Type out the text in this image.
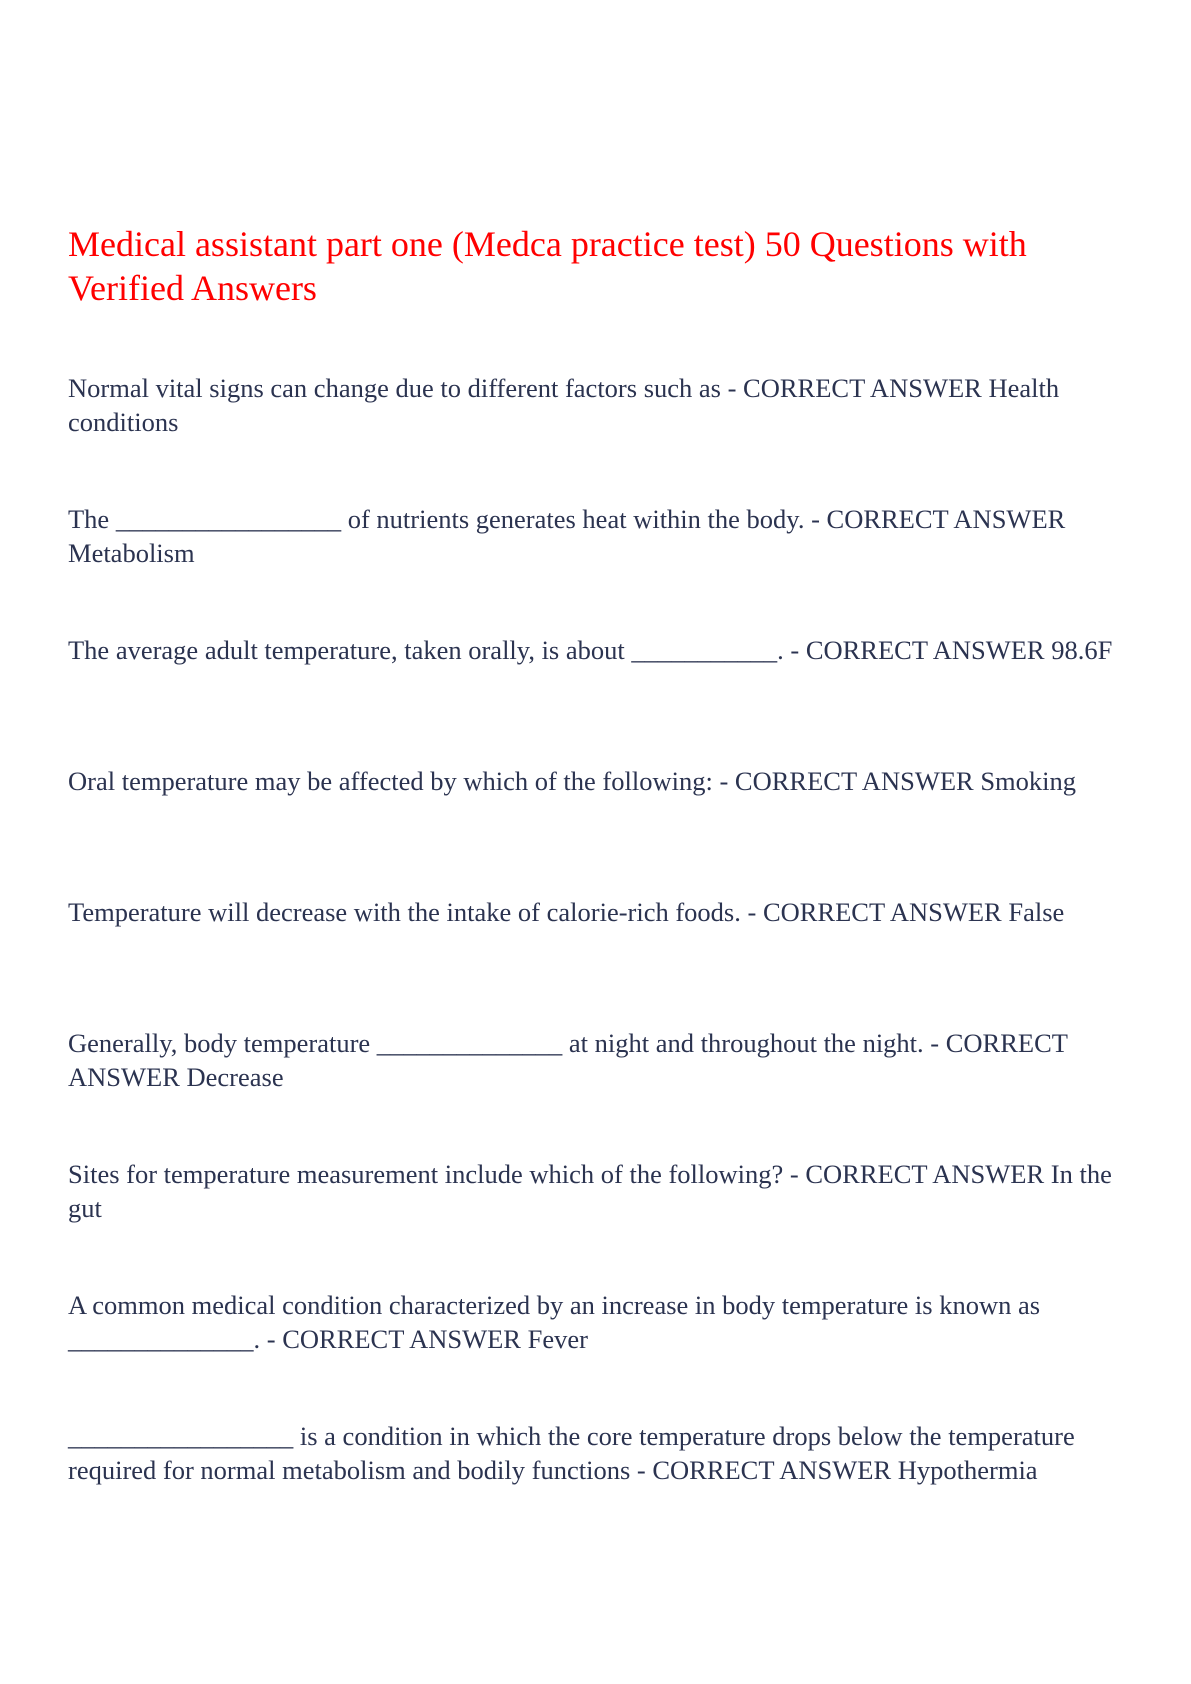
Medical assistant part one (Medca practice test) 50 Questions with Verified Answers

Normal vital signs can change due to different factors such as - CORRECT ANSWER Health conditions

The _________________ of nutrients generates heat within the body. - CORRECT ANSWER Metabolism

The average adult temperature, taken orally, is about ___________. - CORRECT ANSWER 98.6F

Oral temperature may be affected by which of the following: - CORRECT ANSWER Smoking

Temperature will decrease with the intake of calorie-rich foods. - CORRECT ANSWER False

Generally, body temperature ______________ at night and throughout the night. - CORRECT ANSWER Decrease

Sites for temperature measurement include which of the following? - CORRECT ANSWER In the gut

A common medical condition characterized by an increase in body temperature is known as ______________. - CORRECT ANSWER Fever

_________________ is a condition in which the core temperature drops below the temperature required for normal metabolism and bodily functions - CORRECT ANSWER Hypothermia
